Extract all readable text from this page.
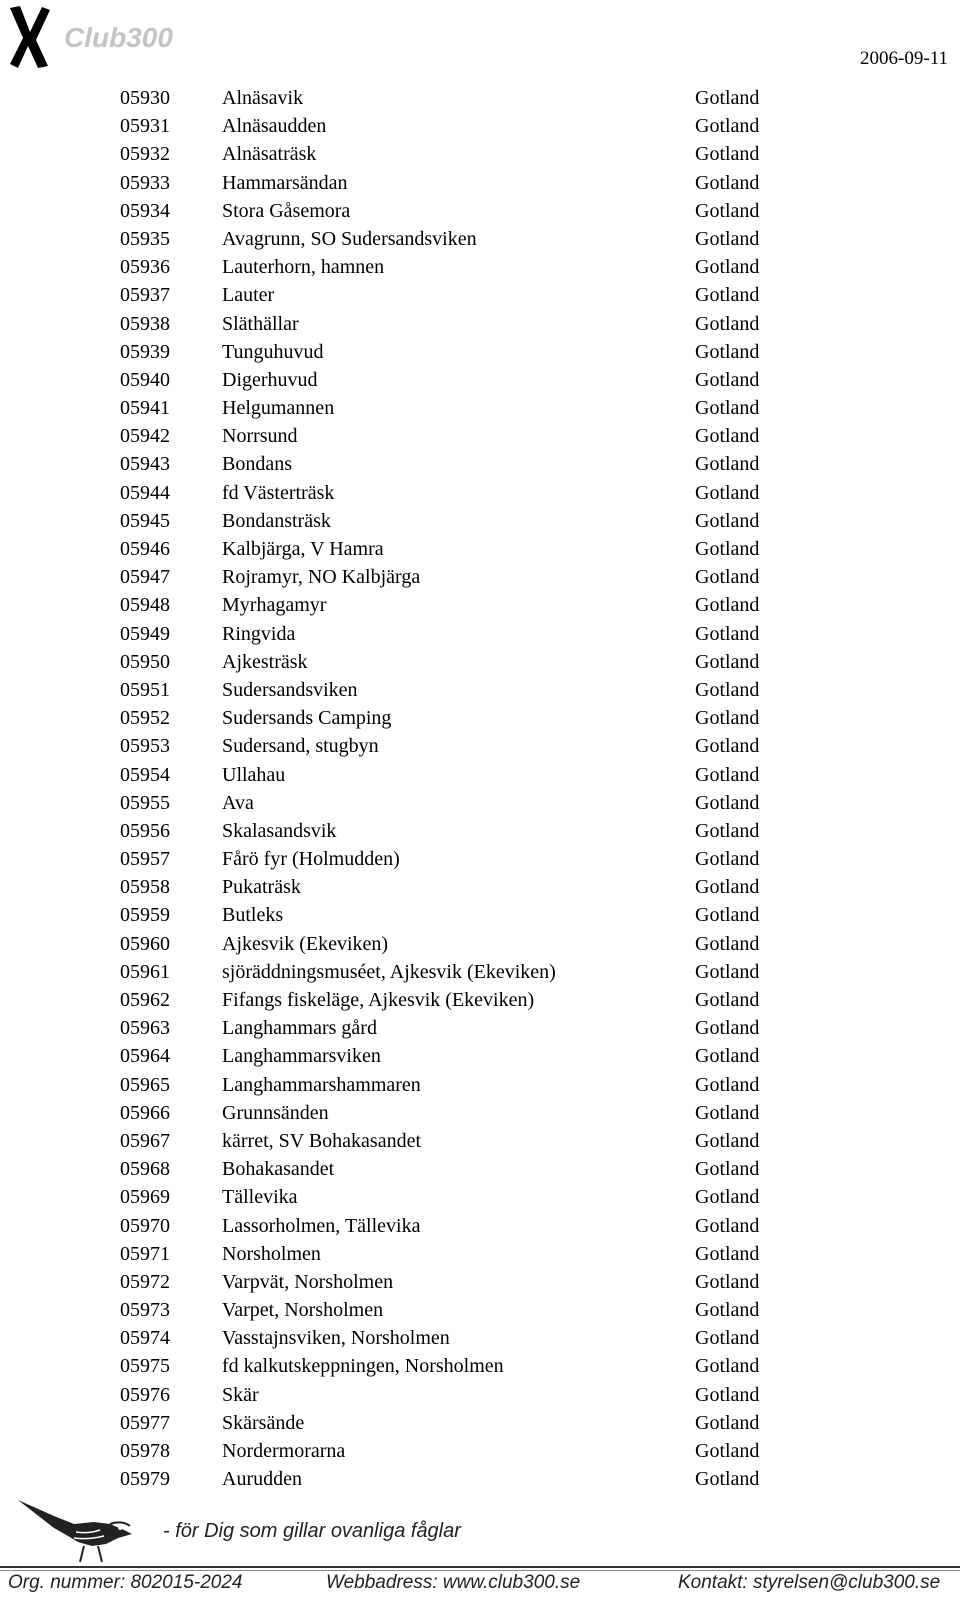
Club300
2006-09-11
05930	Alnäsavik	Gotland
05931	Alnäsaudden	Gotland
05932	Alnäsaträsk	Gotland
05933	Hammarsändan	Gotland
05934	Stora Gåsemora	Gotland
05935	Avagrunn, SO Sudersandsviken	Gotland
05936	Lauterhorn, hamnen	Gotland
05937	Lauter	Gotland
05938	Släthällar	Gotland
05939	Tunguhuvud	Gotland
05940	Digerhuvud	Gotland
05941	Helgumannen	Gotland
05942	Norrsund	Gotland
05943	Bondans	Gotland
05944	fd Västerträsk	Gotland
05945	Bondansträsk	Gotland
05946	Kalbjärga, V Hamra	Gotland
05947	Rojramyr, NO Kalbjärga	Gotland
05948	Myrhagamyr	Gotland
05949	Ringvida	Gotland
05950	Ajkesträsk	Gotland
05951	Sudersandsviken	Gotland
05952	Sudersands Camping	Gotland
05953	Sudersand, stugbyn	Gotland
05954	Ullahau	Gotland
05955	Ava	Gotland
05956	Skalasandsvik	Gotland
05957	Fårö fyr (Holmudden)	Gotland
05958	Pukaträsk	Gotland
05959	Butleks	Gotland
05960	Ajkesvik (Ekeviken)	Gotland
05961	sjöräddningsmuséet, Ajkesvik (Ekeviken)	Gotland
05962	Fifangs fiskeläge, Ajkesvik (Ekeviken)	Gotland
05963	Langhammars gård	Gotland
05964	Langhammarsviken	Gotland
05965	Langhammarshammaren	Gotland
05966	Grunnsänden	Gotland
05967	kärret, SV Bohakasandet	Gotland
05968	Bohakasandet	Gotland
05969	Tällevika	Gotland
05970	Lassorholmen, Tällevika	Gotland
05971	Norsholmen	Gotland
05972	Varpvät, Norsholmen	Gotland
05973	Varpet, Norsholmen	Gotland
05974	Vasstajnsviken, Norsholmen	Gotland
05975	fd kalkutskeppningen, Norsholmen	Gotland
05976	Skär	Gotland
05977	Skärsände	Gotland
05978	Nordermorarna	Gotland
05979	Aurudden	Gotland
- för Dig som gillar ovanliga fåglar
Org. nummer: 802015-2024	Webbadress: www.club300.se	Kontakt: styrelsen@club300.se
